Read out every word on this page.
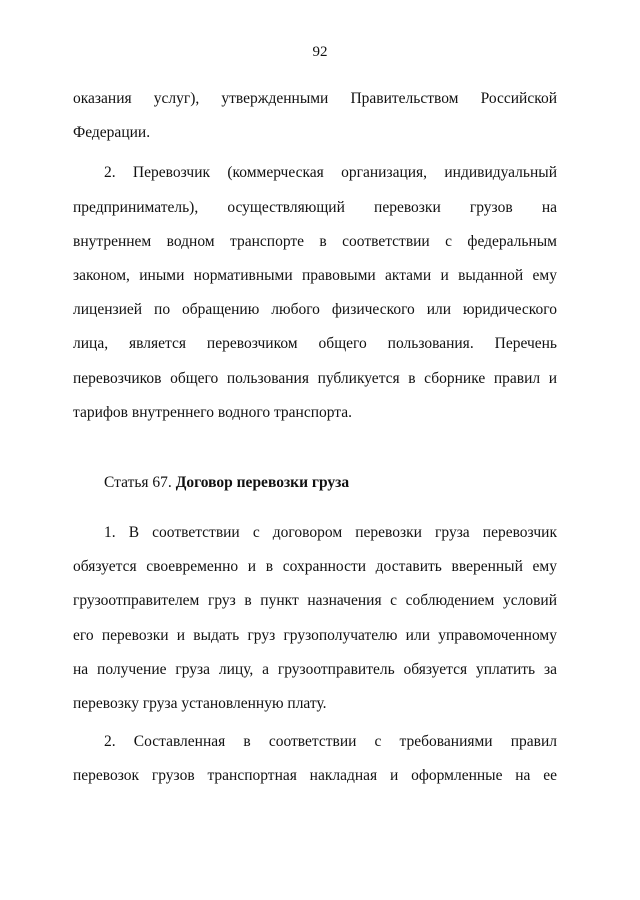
92
оказания услуг), утвержденными Правительством Российской
Федерации.
2. Перевозчик (коммерческая организация, индивидуальный
предприниматель), осуществляющий перевозки грузов на
внутреннем водном транспорте в соответствии с федеральным
законом, иными нормативными правовыми актами и выданной ему
лицензией по обращению любого физического или юридического
лица, является перевозчиком общего пользования. Перечень
перевозчиков общего пользования публикуется в сборнике правил и
тарифов внутреннего водного транспорта.
Статья 67. Договор перевозки груза
1. В соответствии с договором перевозки груза перевозчик
обязуется своевременно и в сохранности доставить вверенный ему
грузоотправителем груз в пункт назначения с соблюдением условий
его перевозки и выдать груз грузополучателю или управомоченному
на получение груза лицу, а грузоотправитель обязуется уплатить за
перевозку груза установленную плату.
2. Составленная в соответствии с требованиями правил
перевозок грузов транспортная накладная и оформленные на ее
